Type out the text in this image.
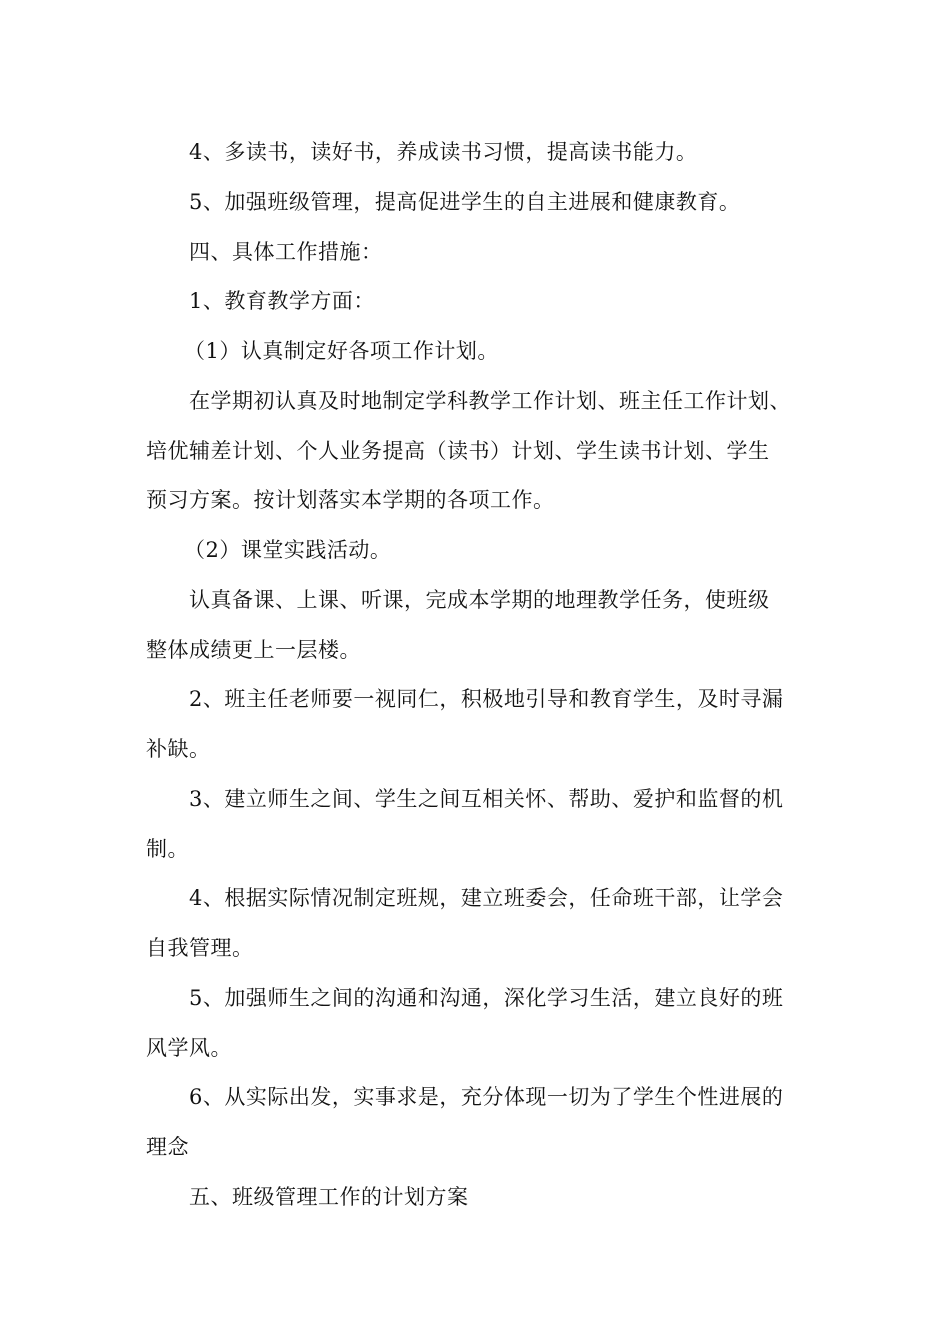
4、多读书，读好书，养成读书习惯，提高读书能力。

5、加强班级管理，提高促进学生的自主进展和健康教育。

四、具体工作措施：

1、教育教学方面：

（1）认真制定好各项工作计划。

在学期初认真及时地制定学科教学工作计划、班主任工作计划、

培优辅差计划、个人业务提高（读书）计划、学生读书计划、学生

预习方案。按计划落实本学期的各项工作。

（2）课堂实践活动。

认真备课、上课、听课，完成本学期的地理教学任务，使班级

整体成绩更上一层楼。

2、班主任老师要一视同仁，积极地引导和教育学生，及时寻漏

补缺。

3、建立师生之间、学生之间互相关怀、帮助、爱护和监督的机

制。

4、根据实际情况制定班规，建立班委会，任命班干部，让学会

自我管理。

5、加强师生之间的沟通和沟通，深化学习生活，建立良好的班

风学风。

6、从实际出发，实事求是，充分体现一切为了学生个性进展的

理念

五、班级管理工作的计划方案
